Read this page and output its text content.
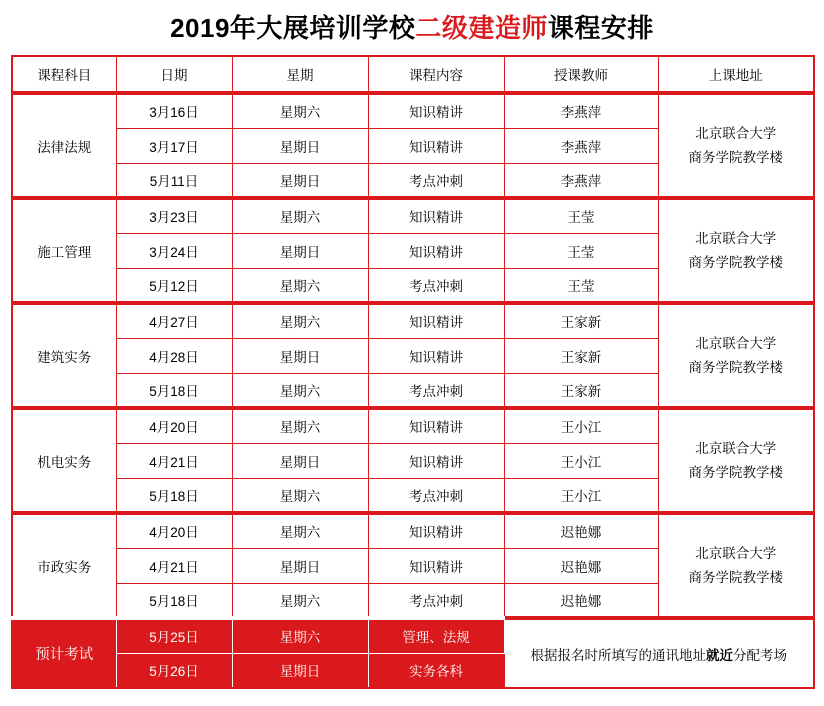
2019年大展培训学校二级建造师课程安排
课程科目	日期	星期	课程内容	授课教师	上课地址
法律法规	3月16日	星期六	知识精讲	李燕萍	北京联合大学
商务学院教学楼
	3月17日	星期日	知识精讲	李燕萍	
	5月11日	星期日	考点冲刺	李燕萍	
施工管理	3月23日	星期六	知识精讲	王莹	北京联合大学
商务学院教学楼
	3月24日	星期日	知识精讲	王莹	
	5月12日	星期六	考点冲刺	王莹	
建筑实务	4月27日	星期六	知识精讲	王家新	北京联合大学
商务学院教学楼
	4月28日	星期日	知识精讲	王家新	
	5月18日	星期六	考点冲刺	王家新	
机电实务	4月20日	星期六	知识精讲	王小江	北京联合大学
商务学院教学楼
	4月21日	星期日	知识精讲	王小江	
	5月18日	星期六	考点冲刺	王小江	
市政实务	4月20日	星期六	知识精讲	迟艳娜	北京联合大学
商务学院教学楼
	4月21日	星期日	知识精讲	迟艳娜	
	5月18日	星期六	考点冲刺	迟艳娜	
预计考试	5月25日	星期六	管理、法规	根据报名时所填写的通讯地址就近分配考场	
	5月26日	星期日	实务各科		
